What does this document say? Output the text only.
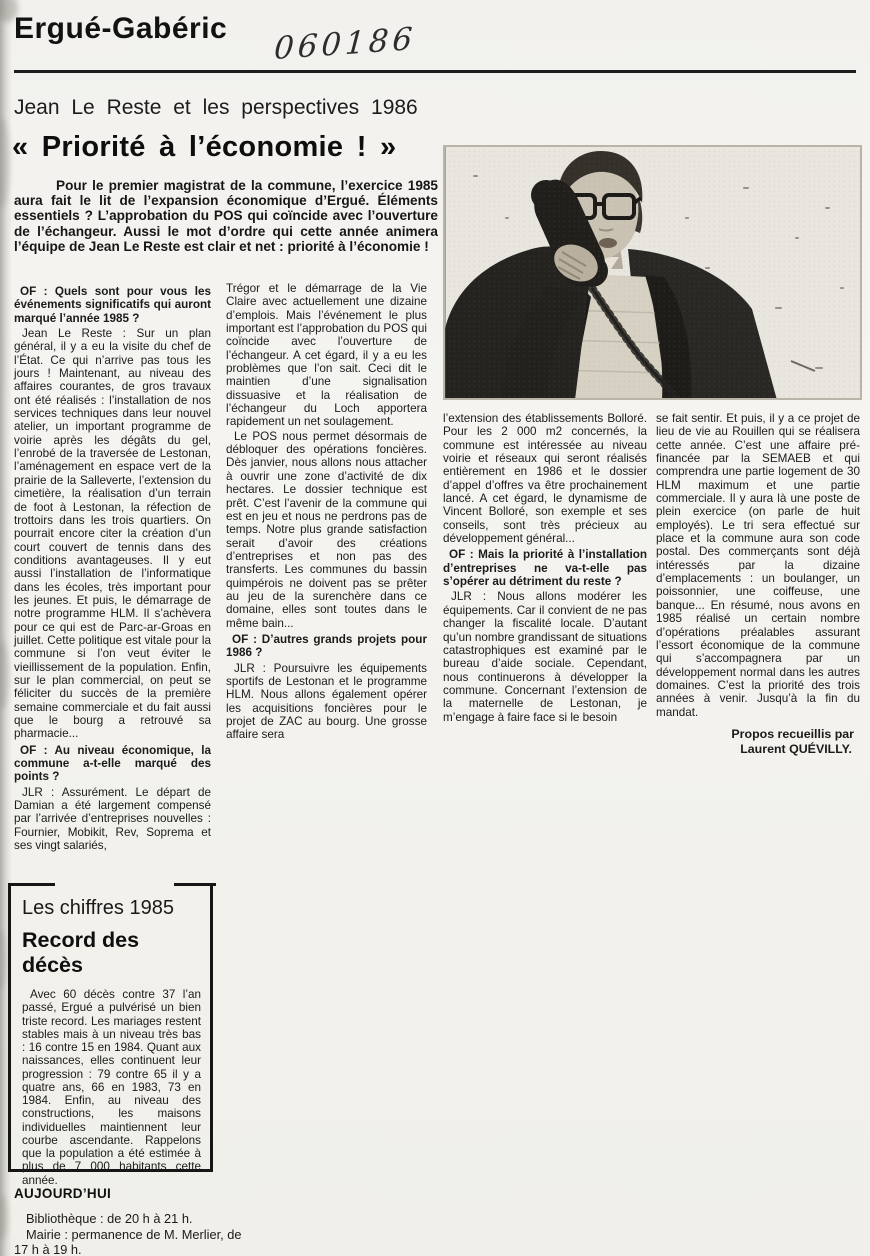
Ergué-Gabéric 060186
Jean Le Reste et les perspectives 1986
« Priorité à l’économie ! »

Pour le premier magistrat de la commune, l’exercice 1985 aura fait le lit de l’expansion économique d’Ergué. Éléments essentiels ? L’approbation du POS qui coïncide avec l’ouverture de l’échangeur. Aussi le mot d’ordre qui cette année animera l’équipe de Jean Le Reste est clair et net : priorité à l’économie !

OF : Quels sont pour vous les événements significatifs qui auront marqué l’année 1985 ?

Jean Le Reste : Sur un plan général, il y a eu la visite du chef de l’État. Ce qui n’arrive pas tous les jours ! Maintenant, au niveau des affaires courantes, de gros travaux ont été réalisés : l’installation de nos services techniques dans leur nouvel atelier, un important programme de voirie après les dégâts du gel, l’enrobé de la traversée de Lestonan, l’aménagement en espace vert de la prairie de la Salleverte, l’extension du cimetière, la réalisation d’un terrain de foot à Lestonan, la réfection de trottoirs dans les trois quartiers. On pourrait encore citer la création d’un court couvert de tennis dans des conditions avantageuses. Il y eut aussi l’installation de l’informatique dans les écoles, très important pour les jeunes. Et puis, le démarrage de notre programme HLM. Il s’achèvera pour ce qui est de Parc-ar-Groas en juillet. Cette politique est vitale pour la commune si l’on veut éviter le vieillissement de la population. Enfin, sur le plan commercial, on peut se féliciter du succès de la première semaine commerciale et du fait aussi que le bourg a retrouvé sa pharmacie...

OF : Au niveau économique, la commune a-t-elle marqué des points ?

JLR : Assurément. Le départ de Damian a été largement compensé par l’arrivée d’entreprises nouvelles : Fournier, Mobikit, Rev, Soprema et ses vingt salariés,

Trégor et le démarrage de la Vie Claire avec actuellement une dizaine d’emplois. Mais l’événement le plus important est l’approbation du POS qui coïncide avec l’ouverture de l’échangeur. A cet égard, il y a eu les problèmes que l’on sait. Ceci dit le maintien d’une signalisation dissuasive et la réalisation de l’échangeur du Loch apportera rapidement un net soulagement.

Le POS nous permet désormais de débloquer des opérations foncières. Dès janvier, nous allons nous attacher à ouvrir une zone d’activité de dix hectares. Le dossier technique est prêt. C’est l’avenir de la commune qui est en jeu et nous ne perdrons pas de temps. Notre plus grande satisfaction serait d’avoir des créations d’entreprises et non pas des transferts. Les communes du bassin quimpérois ne doivent pas se prêter au jeu de la surenchère dans ce domaine, elles sont toutes dans le même bain...

OF : D’autres grands projets pour 1986 ?

JLR : Poursuivre les équipements sportifs de Lestonan et le programme HLM. Nous allons également opérer les acquisitions foncières pour le projet de ZAC au bourg. Une grosse affaire sera

l’extension des établissements Bolloré. Pour les 2 000 m2 concernés, la commune est intéressée au niveau voirie et réseaux qui seront réalisés entièrement en 1986 et le dossier d’appel d’offres va être prochainement lancé. A cet égard, le dynamisme de Vincent Bolloré, son exemple et ses conseils, sont très précieux au développement général...

OF : Mais la priorité à l’installation d’entreprises ne va-t-elle pas s’opérer au détriment du reste ?

JLR : Nous allons modérer les équipements. Car il convient de ne pas changer la fiscalité locale. D’autant qu’un nombre grandissant de situations catastrophiques est examiné par le bureau d’aide sociale. Cependant, nous continuerons à développer la commune. Concernant l’extension de la maternelle de Lestonan, je m’engage à faire face si le besoin

se fait sentir. Et puis, il y a ce projet de lieu de vie au Rouillen qui se réalisera cette année. C’est une affaire pré-financée par la SEMAEB et qui comprendra une partie logement de 30 HLM maximum et une partie commerciale. Il y aura là une poste de plein exercice (on parle de huit employés). Le tri sera effectué sur place et la commune aura son code postal. Des commerçants sont déjà intéressés par la dizaine d’emplacements : un boulanger, un poissonnier, une coiffeuse, une banque... En résumé, nous avons en 1985 réalisé un certain nombre d’opérations préalables assurant l’essort économique de la commune qui s’accompagnera par un développement normal dans les autres domaines. C’est la priorité des trois années à venir. Jusqu’à la fin du mandat.

Propos recueillis par
Laurent QUÉVILLY.

Les chiffres 1985
Record des décès

Avec 60 décès contre 37 l’an passé, Ergué a pulvérisé un bien triste record. Les mariages restent stables mais à un niveau très bas : 16 contre 15 en 1984. Quant aux naissances, elles continuent leur progression : 79 contre 65 il y a quatre ans, 66 en 1983, 73 en 1984. Enfin, au niveau des constructions, les maisons individuelles maintiennent leur courbe ascendante. Rappelons que la population a été estimée à plus de 7 000 habitants cette année.

AUJOURD’HUI

Bibliothèque : de 20 h à 21 h.

Mairie : permanence de M. Merlier, de 17 h à 19 h.
